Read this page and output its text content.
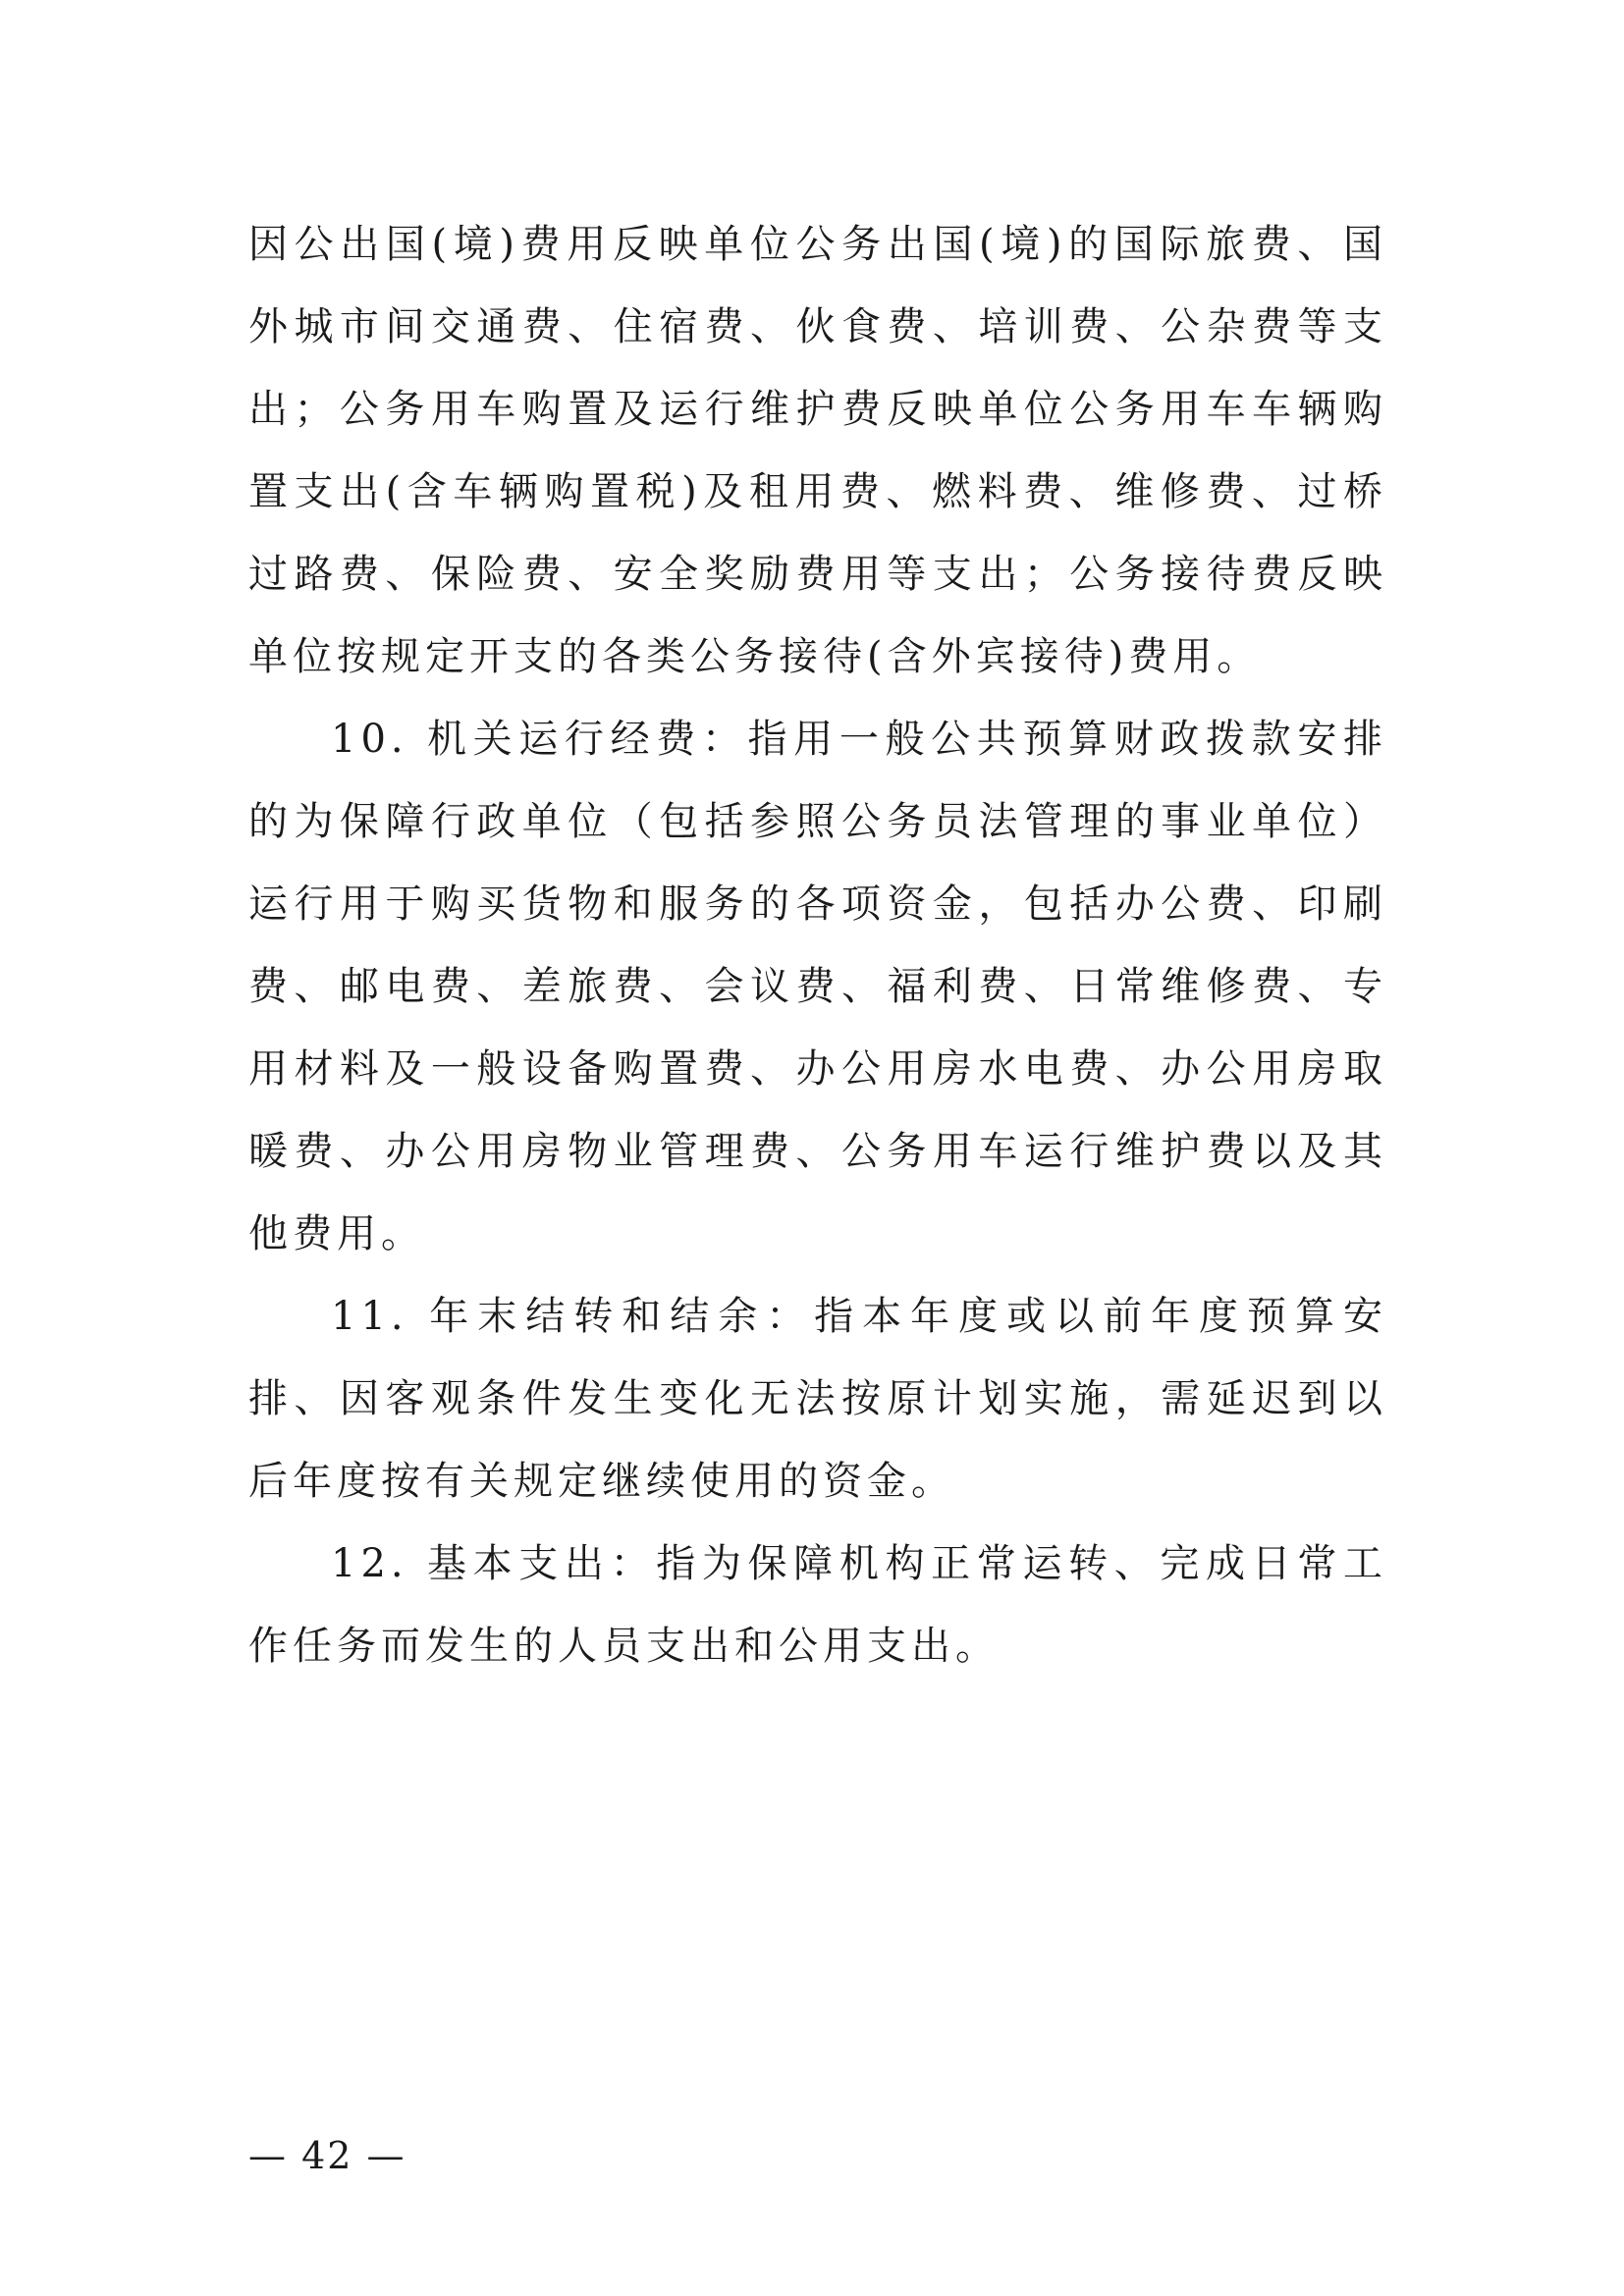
因公出国(境)费用反映单位公务出国(境)的国际旅费、国外城市间交通费、住宿费、伙食费、培训费、公杂费等支出；公务用车购置及运行维护费反映单位公务用车车辆购置支出(含车辆购置税)及租用费、燃料费、维修费、过桥过路费、保险费、安全奖励费用等支出；公务接待费反映单位按规定开支的各类公务接待(含外宾接待)费用。

10. 机关运行经费：指用一般公共预算财政拨款安排的为保障行政单位（包括参照公务员法管理的事业单位）运行用于购买货物和服务的各项资金，包括办公费、印刷费、邮电费、差旅费、会议费、福利费、日常维修费、专用材料及一般设备购置费、办公用房水电费、办公用房取暖费、办公用房物业管理费、公务用车运行维护费以及其他费用。

11. 年末结转和结余：指本年度或以前年度预算安排、因客观条件发生变化无法按原计划实施，需延迟到以后年度按有关规定继续使用的资金。

12. 基本支出：指为保障机构正常运转、完成日常工作任务而发生的人员支出和公用支出。

— 42 —
